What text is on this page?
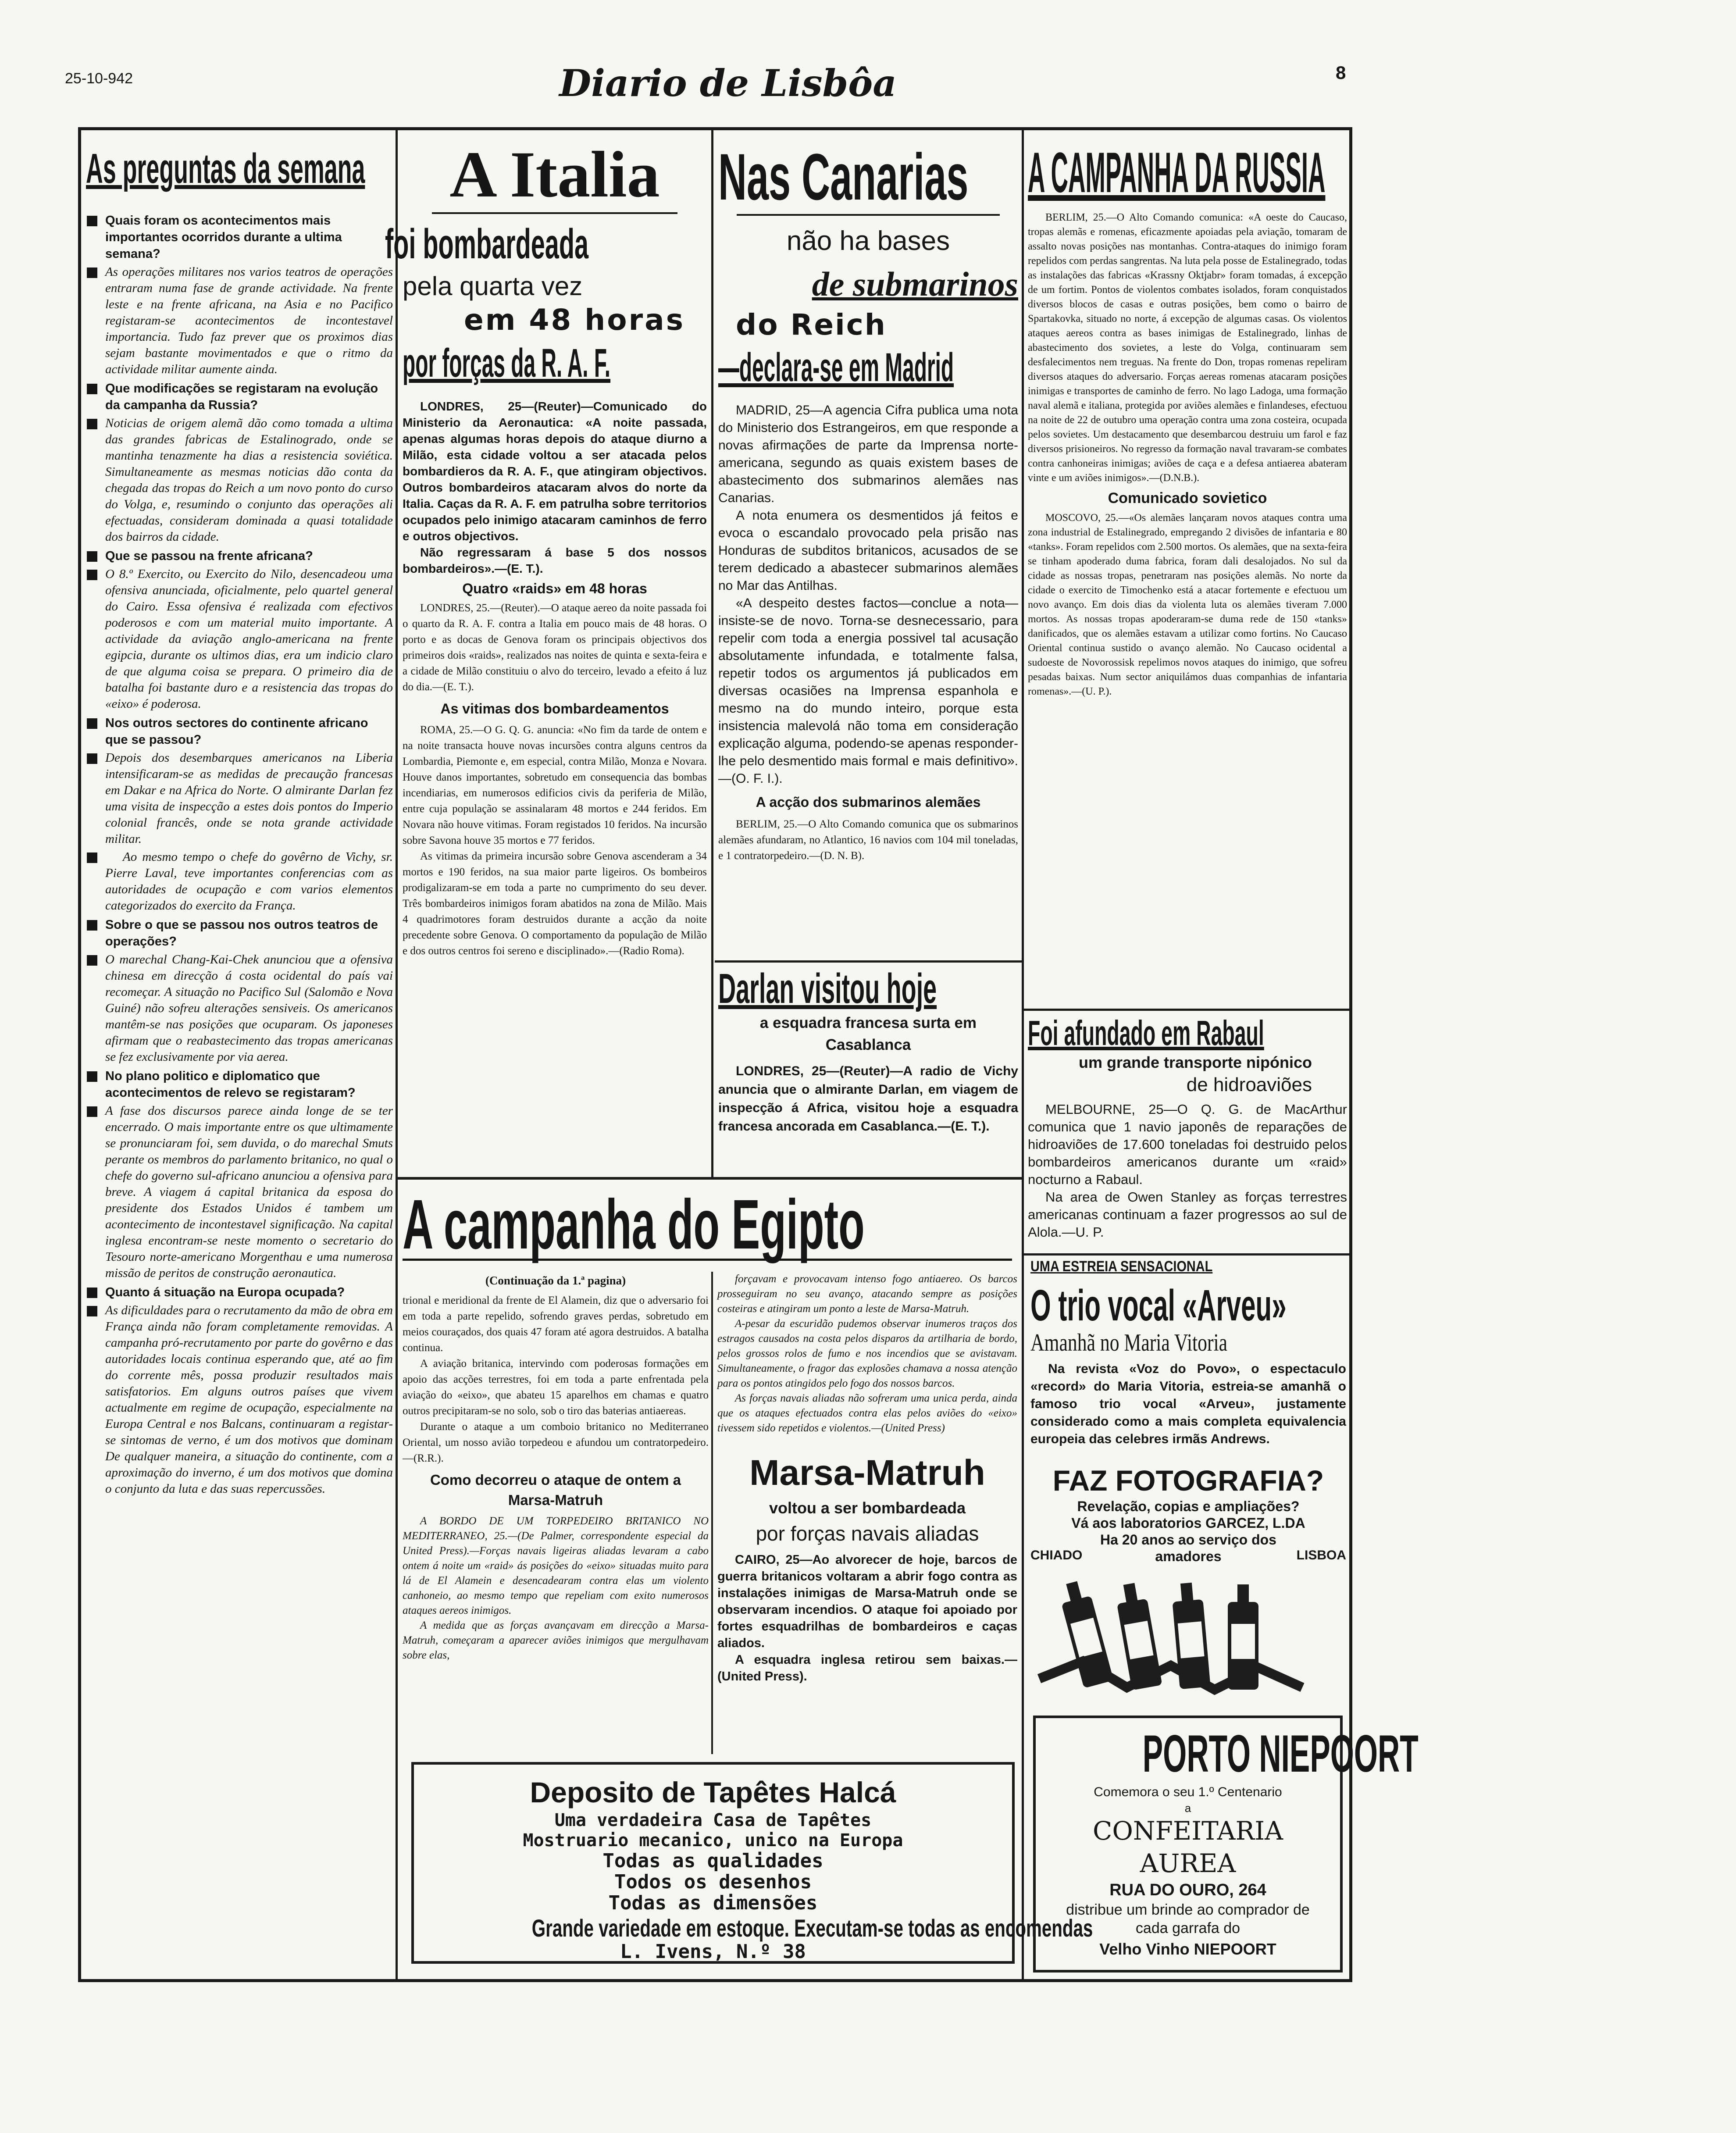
25-10-942	Diario de Lisbôa	8
As preguntas da semana
Quais foram os acontecimentos mais importantes ocorridos durante a ultima semana?
As operações militares nos varios teatros de operações entraram numa fase de grande actividade. Na frente leste e na frente africana, na Asia e no Pacifico registaram-se acontecimentos de incontestavel importancia. Tudo faz prever que os proximos dias sejam bastante movimentados e que o ritmo da actividade militar aumente ainda.
Que modificações se registaram na evolução da campanha da Russia?
Noticias de origem alemã dão como tomada a ultima das grandes fabricas de Estalinogrado, onde se mantinha tenazmente ha dias a resistencia soviética. Simultaneamente as mesmas noticias dão conta da chegada das tropas do Reich a um novo ponto do curso do Volga, e, resumindo o conjunto das operações ali efectuadas, consideram dominada a quasi totalidade dos bairros da cidade.
Que se passou na frente africana?
O 8.º Exercito, ou Exercito do Nilo, desencadeou uma ofensiva anunciada, oficialmente, pelo quartel general do Cairo. Essa ofensiva é realizada com efectivos poderosos e com um material muito importante. A actividade da aviação anglo-americana na frente egipcia, durante os ultimos dias, era um indicio claro de que alguma coisa se prepara. O primeiro dia de batalha foi bastante duro e a resistencia das tropas do «eixo» é poderosa.
Nos outros sectores do continente africano que se passou?
Depois dos desembarques americanos na Liberia intensificaram-se as medidas de precaução francesas em Dakar e na Africa do Norte. O almirante Darlan fez uma visita de inspecção a estes dois pontos do Imperio colonial francês, onde se nota grande actividade militar.
Ao mesmo tempo o chefe do govêrno de Vichy, sr. Pierre Laval, teve importantes conferencias com as autoridades de ocupação e com varios elementos categorizados do exercito da França.
Sobre o que se passou nos outros teatros de operações?
O marechal Chang-Kai-Chek anunciou que a ofensiva chinesa em direcção á costa ocidental do país vai recomeçar. A situação no Pacifico Sul (Salomão e Nova Guiné) não sofreu alterações sensiveis. Os americanos mantêm-se nas posições que ocuparam. Os japoneses afirmam que o reabastecimento das tropas americanas se fez exclusivamente por via aerea.
No plano politico e diplomatico que acontecimentos de relevo se registaram?
A fase dos discursos parece ainda longe de se ter encerrado. O mais importante entre os que ultimamente se pronunciaram foi, sem duvida, o do marechal Smuts perante os membros do parlamento britanico, no qual o chefe do governo sul-africano anunciou a ofensiva para breve. A viagem á capital britanica da esposa do presidente dos Estados Unidos é tambem um acontecimento de incontestavel significação. Na capital inglesa encontram-se neste momento o secretario do Tesouro norte-americano Morgenthau e uma numerosa missão de peritos de construção aeronautica.
Quanto á situação na Europa ocupada?
As dificuldades para o recrutamento da mão de obra em França ainda não foram completamente removidas. A campanha pró-recrutamento por parte do govêrno e das autoridades locais continua esperando que, até ao fim do corrente mês, possa produzir resultados mais satisfatorios. Em alguns outros países que vivem actualmente em regime de ocupação, especialmente na Europa Central e nos Balcans, continuaram a registar-se sintomas de verno, é um dos motivos que dominam De qualquer maneira, a situação do continente, com a aproximação do inverno, é um dos motivos que domina o conjunto da luta e das suas repercussões.
A Italia
foi bombardeada
pela quarta vez
em 48 horas
por forças da R. A. F.
LONDRES, 25—(Reuter)—Comunicado do Ministerio da Aeronautica: «A noite passada, apenas algumas horas depois do ataque diurno a Milão, esta cidade voltou a ser atacada pelos bombardieros da R. A. F., que atingiram objectivos. Outros bombardeiros atacaram alvos do norte da Italia. Caças da R. A. F. em patrulha sobre territorios ocupados pelo inimigo atacaram caminhos de ferro e outros objectivos.
Não regressaram á base 5 dos nossos bombardeiros».—(E. T.).
Quatro «raids» em 48 horas
LONDRES, 25.—(Reuter).—O ataque aereo da noite passada foi o quarto da R. A. F. contra a Italia em pouco mais de 48 horas. O porto e as docas de Genova foram os principais objectivos dos primeiros dois «raids», realizados nas noites de quinta e sexta-feira e a cidade de Milão constituiu o alvo do terceiro, levado a efeito á luz do dia.—(E. T.).
As vitimas dos bombardeamentos
ROMA, 25.—O G. Q. G. anuncia: «No fim da tarde de ontem e na noite transacta houve novas incursões contra alguns centros da Lombardia, Piemonte e, em especial, contra Milão, Monza e Novara. Houve danos importantes, sobretudo em consequencia das bombas incendiarias, em numerosos edificios civis da periferia de Milão, entre cuja população se assinalaram 48 mortos e 244 feridos. Em Novara não houve vitimas. Foram registados 10 feridos. Na incursão sobre Savona houve 35 mortos e 77 feridos.
As vitimas da primeira incursão sobre Genova ascenderam a 34 mortos e 190 feridos, na sua maior parte ligeiros. Os bombeiros prodigalizaram-se em toda a parte no cumprimento do seu dever. Três bombardeiros inimigos foram abatidos na zona de Milão. Mais 4 quadrimotores foram destruidos durante a acção da noite precedente sobre Genova. O comportamento da população de Milão e dos outros centros foi sereno e disciplinado».—(Radio Roma).
Nas Canarias
não ha bases
de submarinos
do Reich
—declara-se em Madrid
MADRID, 25—A agencia Cifra publica uma nota do Ministerio dos Estrangeiros, em que responde a novas afirmações de parte da Imprensa norte-americana, segundo as quais existem bases de abastecimento dos submarinos alemães nas Canarias.
A nota enumera os desmentidos já feitos e evoca o escandalo provocado pela prisão nas Honduras de subditos britanicos, acusados de se terem dedicado a abastecer submarinos alemães no Mar das Antilhas.
«A despeito destes factos—conclue a nota—insiste-se de novo. Torna-se desnecessario, para repelir com toda a energia possivel tal acusação absolutamente infundada, e totalmente falsa, repetir todos os argumentos já publicados em diversas ocasiões na Imprensa espanhola e mesmo na do mundo inteiro, porque esta insistencia malevolá não toma em consideração explicação alguma, podendo-se apenas responder-lhe pelo desmentido mais formal e mais definitivo».—(O. F. I.).
A acção dos submarinos alemães
BERLIM, 25.—O Alto Comando comunica que os submarinos alemães afundaram, no Atlantico, 16 navios com 104 mil toneladas, e 1 contratorpedeiro.—(D. N. B).
Darlan visitou hoje
a esquadra francesa surta em Casablanca
LONDRES, 25—(Reuter)—A radio de Vichy anuncia que o almirante Darlan, em viagem de inspecção á Africa, visitou hoje a esquadra francesa ancorada em Casablanca.—(E. T.).
A CAMPANHA DA RUSSIA
BERLIM, 25.—O Alto Comando comunica: «A oeste do Caucaso, tropas alemãs e romenas, eficazmente apoiadas pela aviação, tomaram de assalto novas posições nas montanhas. Contra-ataques do inimigo foram repelidos com perdas sangrentas. Na luta pela posse de Estalinegrado, todas as instalações das fabricas «Krassny Oktjabr» foram tomadas, á excepção de um fortim. Pontos de violentos combates isolados, foram conquistados diversos blocos de casas e outras posições, bem como o bairro de Spartakovka, situado no norte, á excepção de algumas casas. Os violentos ataques aereos contra as bases inimigas de Estalinegrado, linhas de abastecimento dos sovietes, a leste do Volga, continuaram sem desfalecimentos nem treguas. Na frente do Don, tropas romenas repeliram diversos ataques do adversario. Forças aereas romenas atacaram posições inimigas e transportes de caminho de ferro. No lago Ladoga, uma formação naval alemã e italiana, protegida por aviões alemães e finlandeses, efectuou na noite de 22 de outubro uma operação contra uma zona costeira, ocupada pelos sovietes. Um destacamento que desembarcou destruiu um farol e faz diversos prisioneiros. No regresso da formação naval travaram-se combates contra canhoneiras inimigas; aviões de caça e a defesa antiaerea abateram vinte e um aviões inimigos».—(D.N.B.).
Comunicado sovietico
MOSCOVO, 25.—«Os alemães lançaram novos ataques contra uma zona industrial de Estalinegrado, empregando 2 divisões de infantaria e 80 «tanks». Foram repelidos com 2.500 mortos. Os alemães, que na sexta-feira se tinham apoderado duma fabrica, foram dali desalojados. No sul da cidade as nossas tropas, penetraram nas posições alemãs. No norte da cidade o exercito de Timochenko está a atacar fortemente e efectuou um novo avanço. Em dois dias da violenta luta os alemães tiveram 7.000 mortos. As nossas tropas apoderaram-se duma rede de 150 «tanks» danificados, que os alemães estavam a utilizar como fortins. No Caucaso Oriental continua sustido o avanço alemão. No Caucaso ocidental a sudoeste de Novorossisk repelimos novos ataques do inimigo, que sofreu pesadas baixas. Num sector aniquilámos duas companhias de infantaria romenas».—(U. P.).
Foi afundado em Rabaul
um grande transporte nipónico
de hidroaviões
MELBOURNE, 25—O Q. G. de MacArthur comunica que 1 navio japonês de reparações de hidroaviões de 17.600 toneladas foi destruido pelos bombardeiros americanos durante um «raid» nocturno a Rabaul.
Na area de Owen Stanley as forças terrestres americanas continuam a fazer progressos ao sul de Alola.—U. P.
A campanha do Egipto
(Continuação da 1.ª pagina)
trional e meridional da frente de El Alamein, diz que o adversario foi em toda a parte repelido, sofrendo graves perdas, sobretudo em meios couraçados, dos quais 47 foram até agora destruidos. A batalha continua.
A aviação britanica, intervindo com poderosas formações em apoio das acções terrestres, foi em toda a parte enfrentada pela aviação do «eixo», que abateu 15 aparelhos em chamas e quatro outros precipitaram-se no solo, sob o tiro das baterias antiaereas.
Durante o ataque a um comboio britanico no Mediterraneo Oriental, um nosso avião torpedeou e afundou um contratorpedeiro.—(R.R.).
Como decorreu o ataque de ontem a Marsa-Matruh
A BORDO DE UM TORPEDEIRO BRITANICO NO MEDITERRANEO, 25.—(De Palmer, correspondente especial da United Press).—Forças navais ligeiras aliadas levaram a cabo ontem á noite um «raid» ás posições do «eixo» situadas muito para lá de El Alamein e desencadearam contra elas um violento canhoneio, ao mesmo tempo que repeliam com exito numerosos ataques aereos inimigos.
A medida que as forças avançavam em direcção a Marsa-Matruh, começaram a aparecer aviões inimigos que mergulhavam sobre elas,
forçavam e provocavam intenso fogo antiaereo. Os barcos prosseguiram no seu avanço, atacando sempre as posições costeiras e atingiram um ponto a leste de Marsa-Matruh.
A-pesar da escuridão pudemos observar inumeros traços dos estragos causados na costa pelos disparos da artilharia de bordo, pelos grossos rolos de fumo e nos incendios que se avistavam. Simultaneamente, o fragor das explosões chamava a nossa atenção para os pontos atingidos pelo fogo dos nossos barcos.
As forças navais aliadas não sofreram uma unica perda, ainda que os ataques efectuados contra elas pelos aviões do «eixo» tivessem sido repetidos e violentos.—(United Press)
Marsa-Matruh
voltou a ser bombardeada
por forças navais aliadas
CAIRO, 25—Ao alvorecer de hoje, barcos de guerra britanicos voltaram a abrir fogo contra as instalações inimigas de Marsa-Matruh onde se observaram incendios. O ataque foi apoiado por fortes esquadrilhas de bombardeiros e caças aliados.
A esquadra inglesa retirou sem baixas.—(United Press).
Deposito de Tapêtes Halcá
Uma verdadeira Casa de Tapêtes
Mostruario mecanico, unico na Europa
Todas as qualidades
Todos os desenhos
Todas as dimensões
Grande variedade em estoque. Executam-se todas as encomendas
L. Ivens, N.º 38
UMA ESTREIA SENSACIONAL
O trio vocal «Arveu»
Amanhã no Maria Vitoria
Na revista «Voz do Povo», o espectaculo «record» do Maria Vitoria, estreia-se amanhã o famoso trio vocal «Arveu», justamente considerado como a mais completa equivalencia europeia das celebres irmãs Andrews.
FAZ FOTOGRAFIA?
Revelação, copias e ampliações?
Vá aos laboratorios GARCEZ, L.DA
Ha 20 anos ao serviço dos amadores
CHIADO	LISBOA
PORTO NIEPOORT
Comemora o seu 1.º Centenario
a
CONFEITARIA AUREA
RUA DO OURO, 264
distribue um brinde ao comprador de cada garrafa do
Velho Vinho NIEPOORT
